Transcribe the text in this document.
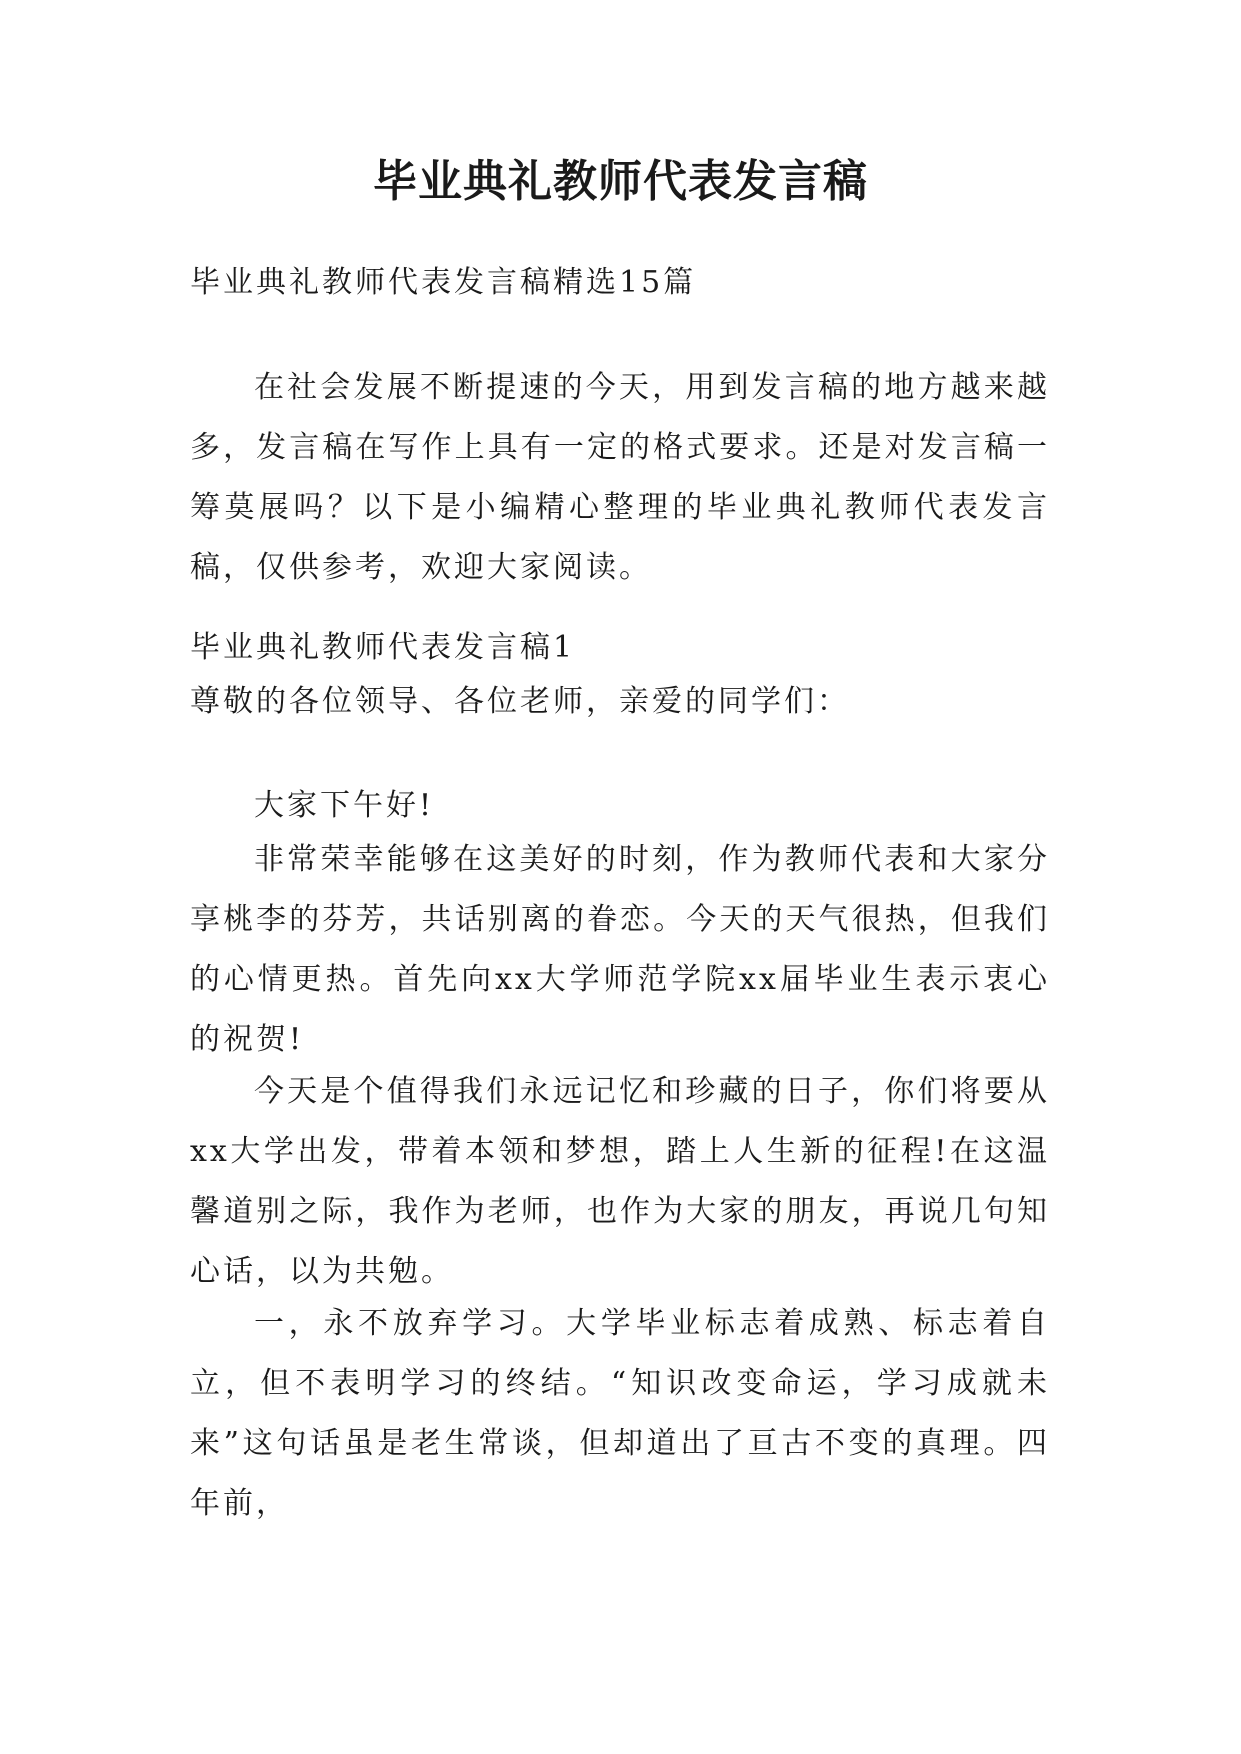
毕业典礼教师代表发言稿

毕业典礼教师代表发言稿精选15篇

在社会发展不断提速的今天，用到发言稿的地方越来越多，发言稿在写作上具有一定的格式要求。还是对发言稿一筹莫展吗？以下是小编精心整理的毕业典礼教师代表发言稿，仅供参考，欢迎大家阅读。

毕业典礼教师代表发言稿1

尊敬的各位领导、各位老师，亲爱的同学们：

大家下午好!

非常荣幸能够在这美好的时刻，作为教师代表和大家分享桃李的芬芳，共话别离的眷恋。今天的天气很热，但我们的心情更热。首先向xx大学师范学院xx届毕业生表示衷心的祝贺!

今天是个值得我们永远记忆和珍藏的日子，你们将要从xx大学出发，带着本领和梦想，踏上人生新的征程!在这温馨道别之际，我作为老师，也作为大家的朋友，再说几句知心话，以为共勉。

一，永不放弃学习。大学毕业标志着成熟、标志着自立，但不表明学习的终结。“知识改变命运，学习成就未来”这句话虽是老生常谈，但却道出了亘古不变的真理。四年前，
